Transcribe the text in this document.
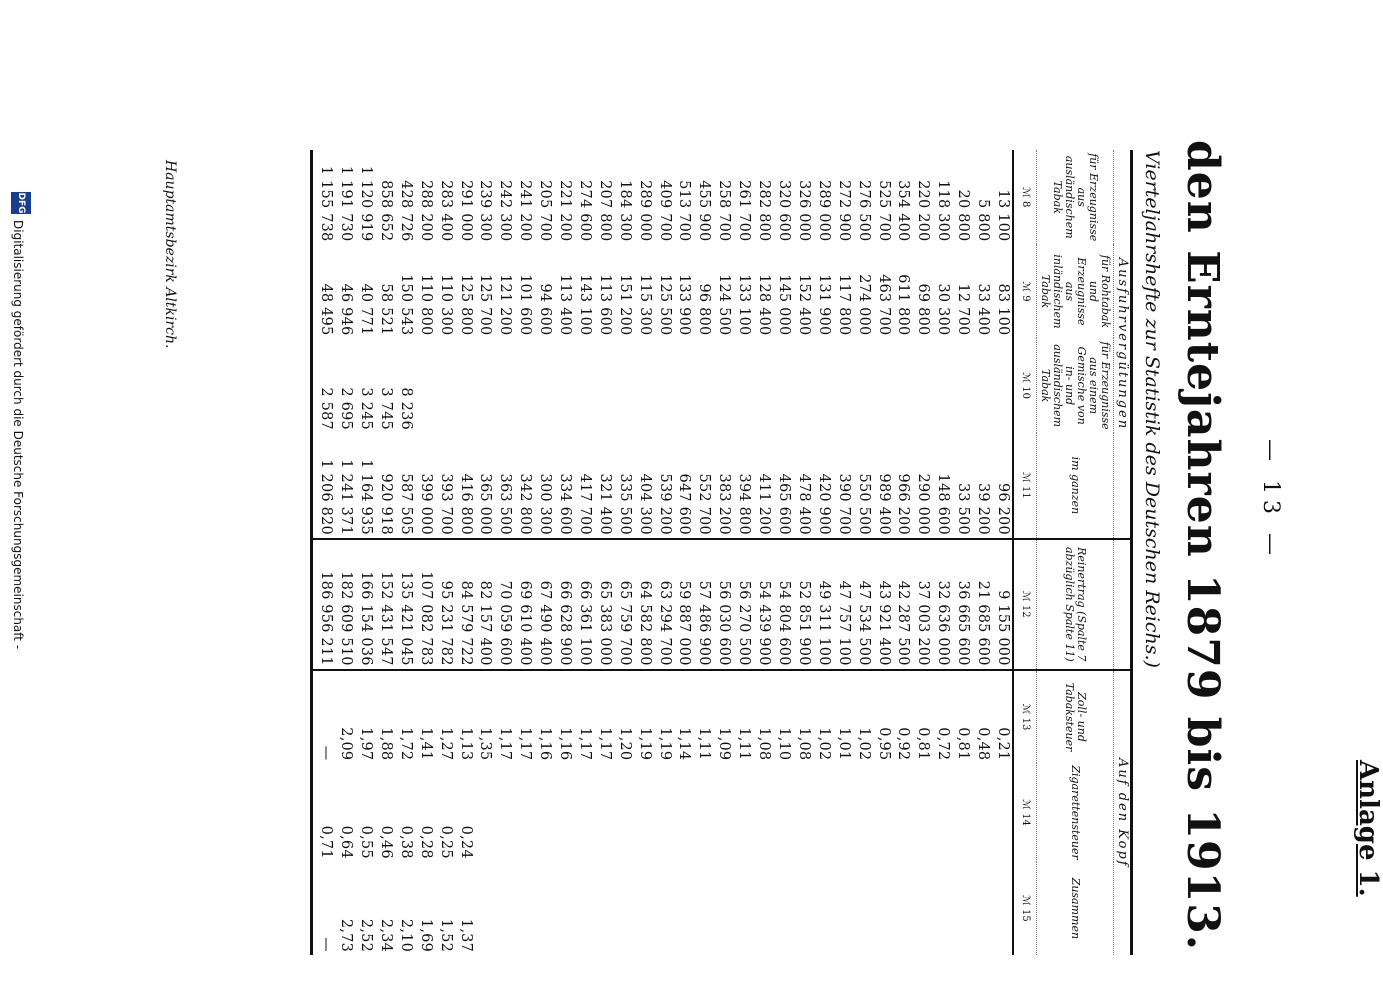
Anlage 1.
— 13 —
den Erntejahren 1879 bis 1913.
Vierteljahrshefte zur Statistik des Deutschen Reichs.)
Ausfuhrvergütungen					Auf den Kopf		
für Erzeugnisse aus ausländischem Tabak	für Rohtabak und Erzeugnisse aus inländischem Tabak	für Erzeugnisse aus einem Gemische von in- und ausländischem Tabak	im ganzen	Reinertrag (Spalte 7 abzüglich Spalte 11)	Zoll- und Tabaksteuer	Zigarettensteuer	Zusammen
ℳ 8	ℳ 9	ℳ 10	ℳ 11	ℳ 12	ℳ 13	ℳ 14	ℳ 15
13 100	83 100		96 200	9 155 000	0,21		
5 800	33 400		39 200	21 685 600	0,48		
20 800	12 700		33 500	36 665 600	0,81		
118 300	30 300		148 600	32 636 000	0,72		
220 200	69 800		290 000	37 003 200	0,81		
354 400	611 800		966 200	42 287 500	0,92		
525 700	463 700		989 400	43 921 400	0,95		
276 500	274 000		550 500	47 534 500	1,02		
272 900	117 800		390 700	47 757 100	1,01		
289 000	131 900		420 900	49 311 100	1,02		
326 000	152 400		478 400	52 851 900	1,08		
320 600	145 000		465 600	54 804 600	1,10		
282 800	128 400		411 200	54 439 900	1,08		
261 700	133 100		394 800	56 270 500	1,11		
258 700	124 500		383 200	56 030 600	1,09		
455 900	96 800		552 700	57 486 900	1,11		
513 700	133 900		647 600	59 887 000	1,14		
409 700	125 500		539 200	63 294 700	1,19		
289 000	115 300		404 300	64 582 800	1,19		
184 300	151 200		335 500	65 759 700	1,20		
207 800	113 600		321 400	65 383 000	1,17		
274 600	143 100		417 700	66 361 100	1,17		
221 200	113 400		334 600	66 628 900	1,16		
205 700	94 600		300 300	67 490 400	1,16		
241 200	101 600		342 800	69 610 400	1,17		
242 300	121 200		363 500	70 059 600	1,17		
239 300	125 700		365 000	82 157 400	1,35		
291 000	125 800		416 800	84 579 722	1,13	0,24	1,37
283 400	110 300		393 700	95 231 782	1,27	0,25	1,52
288 200	110 800		399 000	107 082 783	1,41	0,28	1,69
428 726	150 543	8 236	587 505	135 421 045	1,72	0,38	2,10
858 652	58 521	3 745	920 918	152 431 547	1,88	0,46	2,34
1 120 919	40 771	3 245	1 164 935	166 154 036	1,97	0,55	2,52
1 191 730	46 946	2 695	1 241 371	182 609 510	2,09	0,64	2,73
1 155 738	48 495	2 587	1 206 820	186 956 211	—	0,71	—
Hauptamtsbezirk Altkirch.
DFG
Digitalisierung gefördert durch die Deutsche Forschungsgemeinschaft -
